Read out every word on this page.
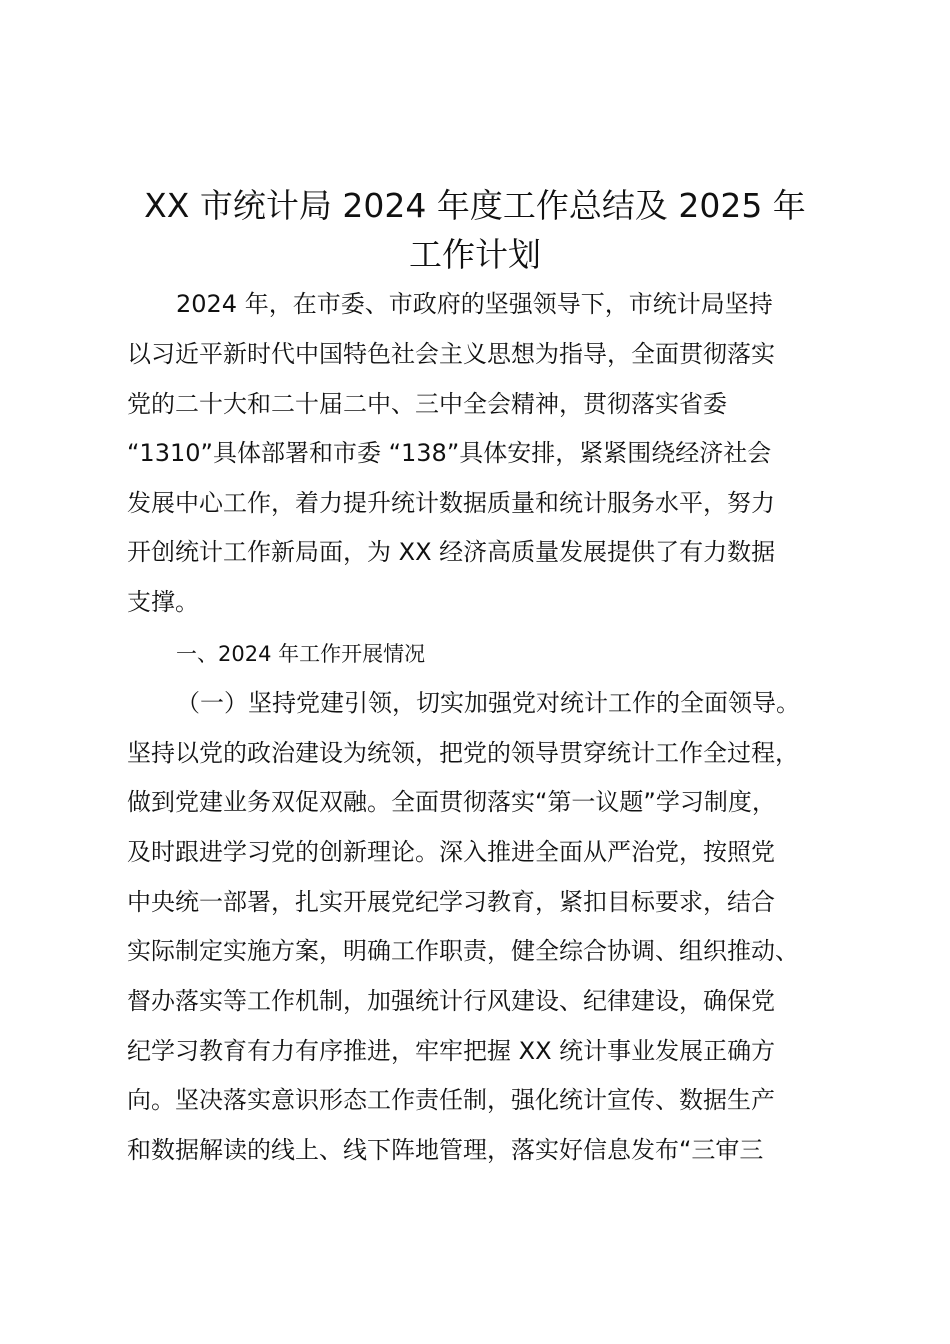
XX 市统计局 2024 年度工作总结及 2025 年
工作计划
2024 年，在市委、市政府的坚强领导下，市统计局坚持
以习近平新时代中国特色社会主义思想为指导，全面贯彻落实
党的二十大和二十届二中、三中全会精神，贯彻落实省委
“1310”具体部署和市委 “138”具体安排，紧紧围绕经济社会
发展中心工作，着力提升统计数据质量和统计服务水平，努力
开创统计工作新局面，为 XX 经济高质量发展提供了有力数据
支撑。
一、2024 年工作开展情况
（一）坚持党建引领，切实加强党对统计工作的全面领导。
坚持以党的政治建设为统领，把党的领导贯穿统计工作全过程，
做到党建业务双促双融。全面贯彻落实“第一议题”学习制度，
及时跟进学习党的创新理论。深入推进全面从严治党，按照党
中央统一部署，扎实开展党纪学习教育，紧扣目标要求，结合
实际制定实施方案，明确工作职责，健全综合协调、组织推动、
督办落实等工作机制，加强统计行风建设、纪律建设，确保党
纪学习教育有力有序推进，牢牢把握 XX 统计事业发展正确方
向。坚决落实意识形态工作责任制，强化统计宣传、数据生产
和数据解读的线上、线下阵地管理，落实好信息发布“三审三
